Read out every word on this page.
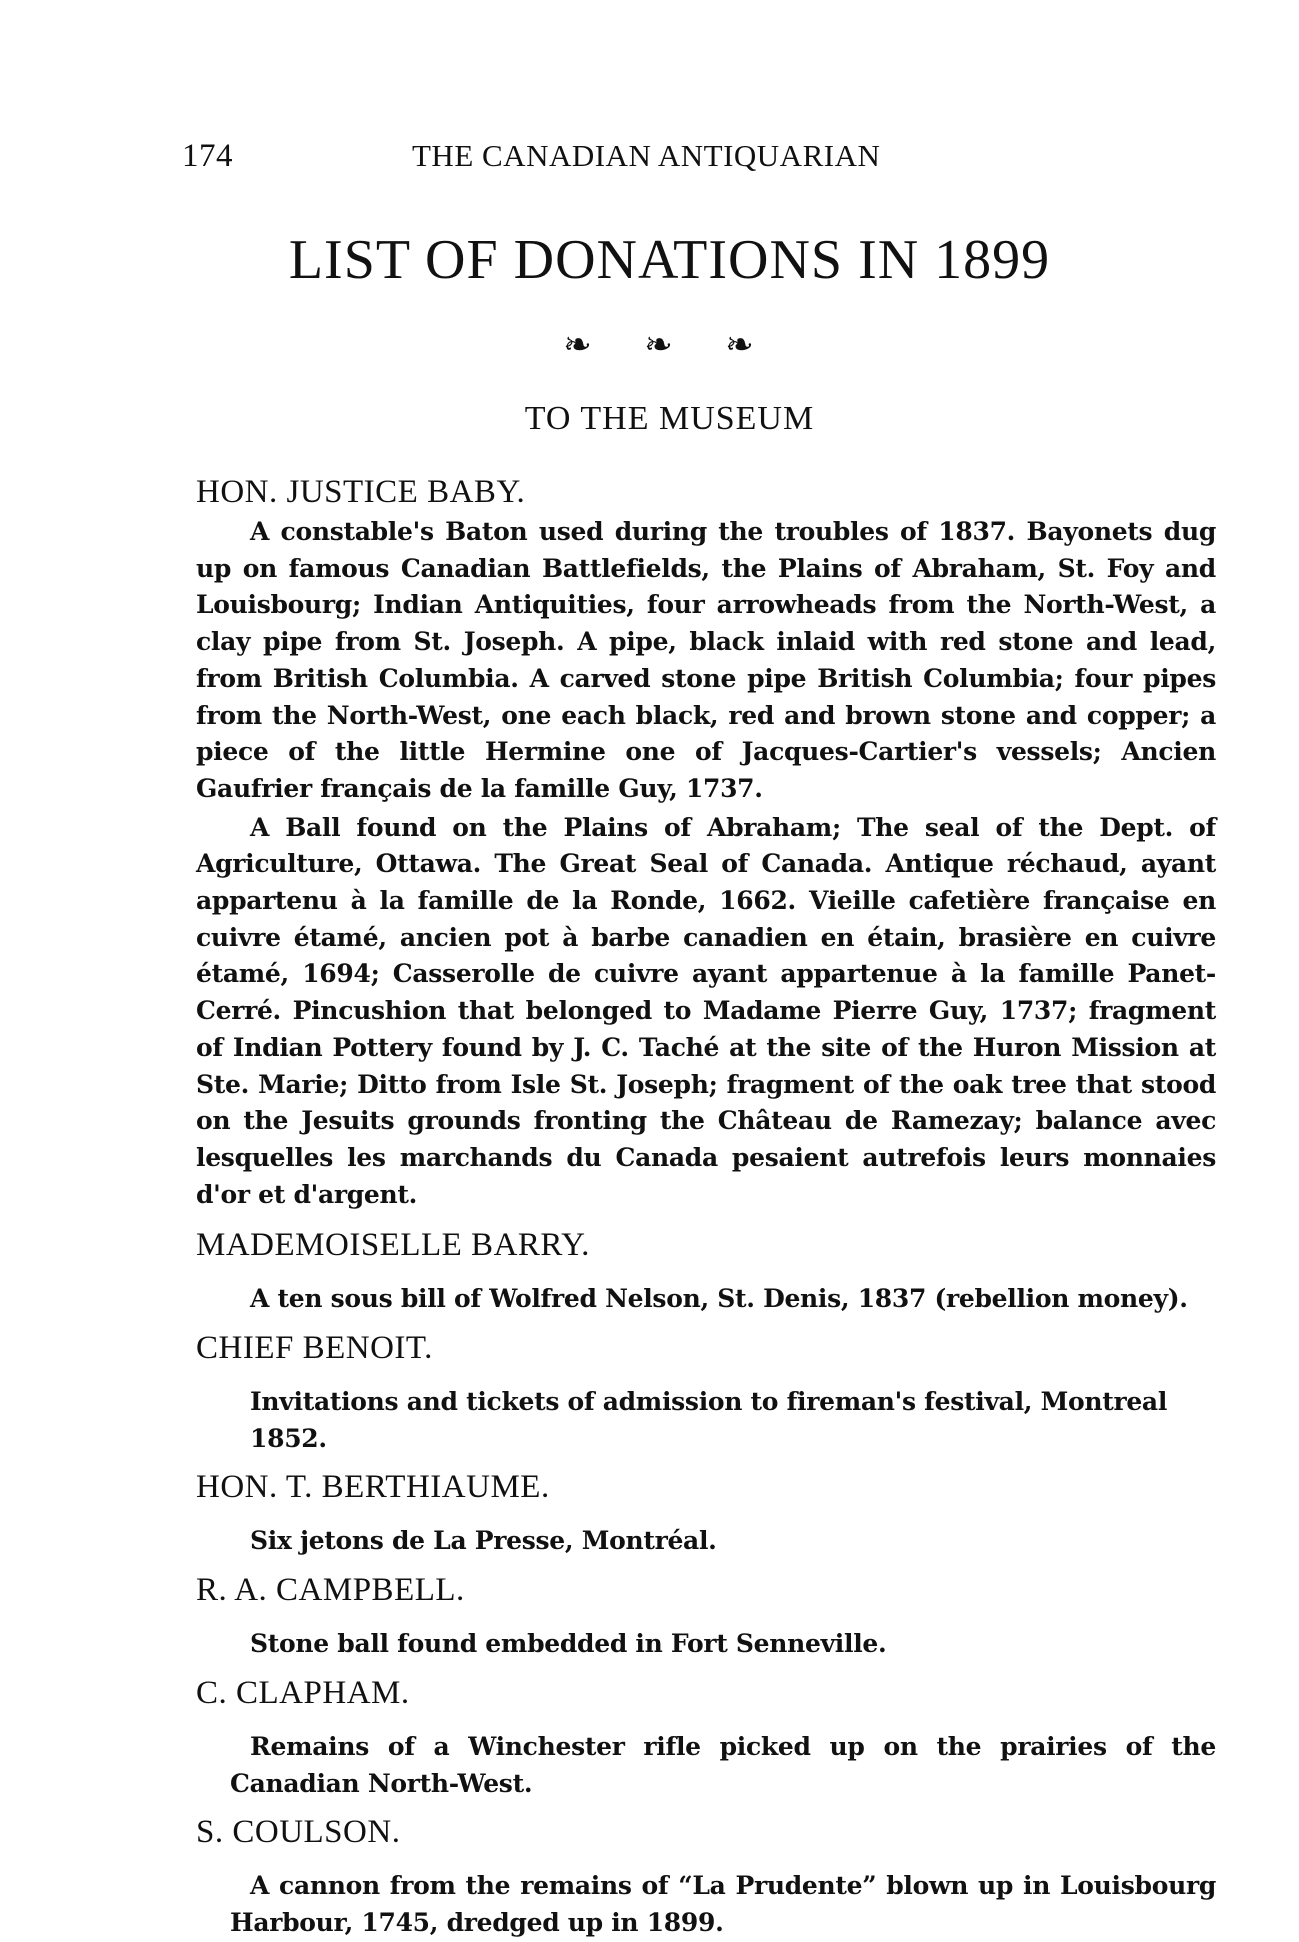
174	THE CANADIAN ANTIQUARIAN
LIST OF DONATIONS IN 1899
❧ ❧ ❧
TO THE MUSEUM

HON. JUSTICE BABY.

A constable's Baton used during the troubles of 1837. Bayonets dug up on famous Canadian Battlefields, the Plains of Abraham, St. Foy and Louisbourg; Indian Antiquities, four arrowheads from the North-West, a clay pipe from St. Joseph. A pipe, black inlaid with red stone and lead, from British Columbia. A carved stone pipe British Columbia; four pipes from the North-West, one each black, red and brown stone and copper; a piece of the little Hermine one of Jacques-Cartier's vessels; Ancien Gaufrier français de la famille Guy, 1737.

A Ball found on the Plains of Abraham; The seal of the Dept. of Agriculture, Ottawa. The Great Seal of Canada. Antique réchaud, ayant appartenu à la famille de la Ronde, 1662. Vieille cafetière française en cuivre étamé, ancien pot à barbe canadien en étain, brasière en cuivre étamé, 1694; Casserolle de cuivre ayant appartenue à la famille Panet-Cerré. Pincushion that belonged to Madame Pierre Guy, 1737; fragment of Indian Pottery found by J. C. Taché at the site of the Huron Mission at Ste. Marie; Ditto from Isle St. Joseph; fragment of the oak tree that stood on the Jesuits grounds fronting the Château de Ramezay; balance avec lesquelles les marchands du Canada pesaient autrefois leurs monnaies d'or et d'argent.

MADEMOISELLE BARRY.

A ten sous bill of Wolfred Nelson, St. Denis, 1837 (rebellion money).

CHIEF BENOIT.

Invitations and tickets of admission to fireman's festival, Montreal 1852.

HON. T. BERTHIAUME.

Six jetons de La Presse, Montréal.

R. A. CAMPBELL.

Stone ball found embedded in Fort Senneville.

C. CLAPHAM.

Remains of a Winchester rifle picked up on the prairies of the Canadian North-West.

S. COULSON.

A cannon from the remains of “La Prudente” blown up in Louisbourg Harbour, 1745, dredged up in 1899.
